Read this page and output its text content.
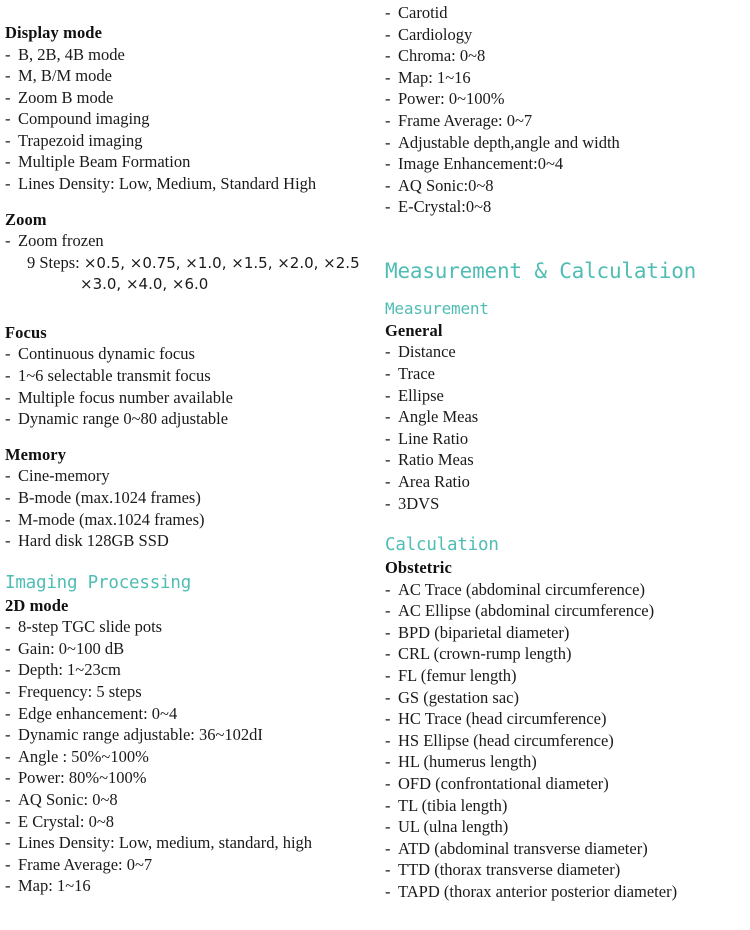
Display mode
- B, 2B, 4B mode
- M, B/M mode
- Zoom B mode
- Compound imaging
- Trapezoid imaging
- Multiple Beam Formation
- Lines Density: Low, Medium, Standard High
Zoom
- Zoom frozen
9 Steps: ×0.5, ×0.75, ×1.0, ×1.5, ×2.0, ×2.5
×3.0, ×4.0, ×6.0
Focus
- Continuous dynamic focus
- 1~6 selectable transmit focus
- Multiple focus number available
- Dynamic range 0~80 adjustable
Memory
- Cine-memory
- B-mode (max.1024 frames)
- M-mode (max.1024 frames)
- Hard disk 128GB SSD
Imaging Processing
2D mode
- 8-step TGC slide pots
- Gain: 0~100 dB
- Depth: 1~23cm
- Frequency: 5 steps
- Edge enhancement: 0~4
- Dynamic range adjustable: 36~102dI
- Angle : 50%~100%
- Power: 80%~100%
- AQ Sonic: 0~8
- E Crystal: 0~8
- Lines Density: Low, medium, standard, high
- Frame Average: 0~7
- Map: 1~16
- Carotid
- Cardiology
- Chroma: 0~8
- Map: 1~16
- Power: 0~100%
- Frame Average: 0~7
- Adjustable depth,angle and width
- Image Enhancement:0~4
- AQ Sonic:0~8
- E-Crystal:0~8
Measurement & Calculation
Measurement
General
- Distance
- Trace
- Ellipse
- Angle Meas
- Line Ratio
- Ratio Meas
- Area Ratio
- 3DVS
Calculation
Obstetric
- AC Trace (abdominal circumference)
- AC Ellipse (abdominal circumference)
- BPD (biparietal diameter)
- CRL (crown-rump length)
- FL (femur length)
- GS (gestation sac)
- HC Trace (head circumference)
- HS Ellipse (head circumference)
- HL (humerus length)
- OFD (confrontational diameter)
- TL (tibia length)
- UL (ulna length)
- ATD (abdominal transverse diameter)
- TTD (thorax transverse diameter)
- TAPD (thorax anterior posterior diameter)
